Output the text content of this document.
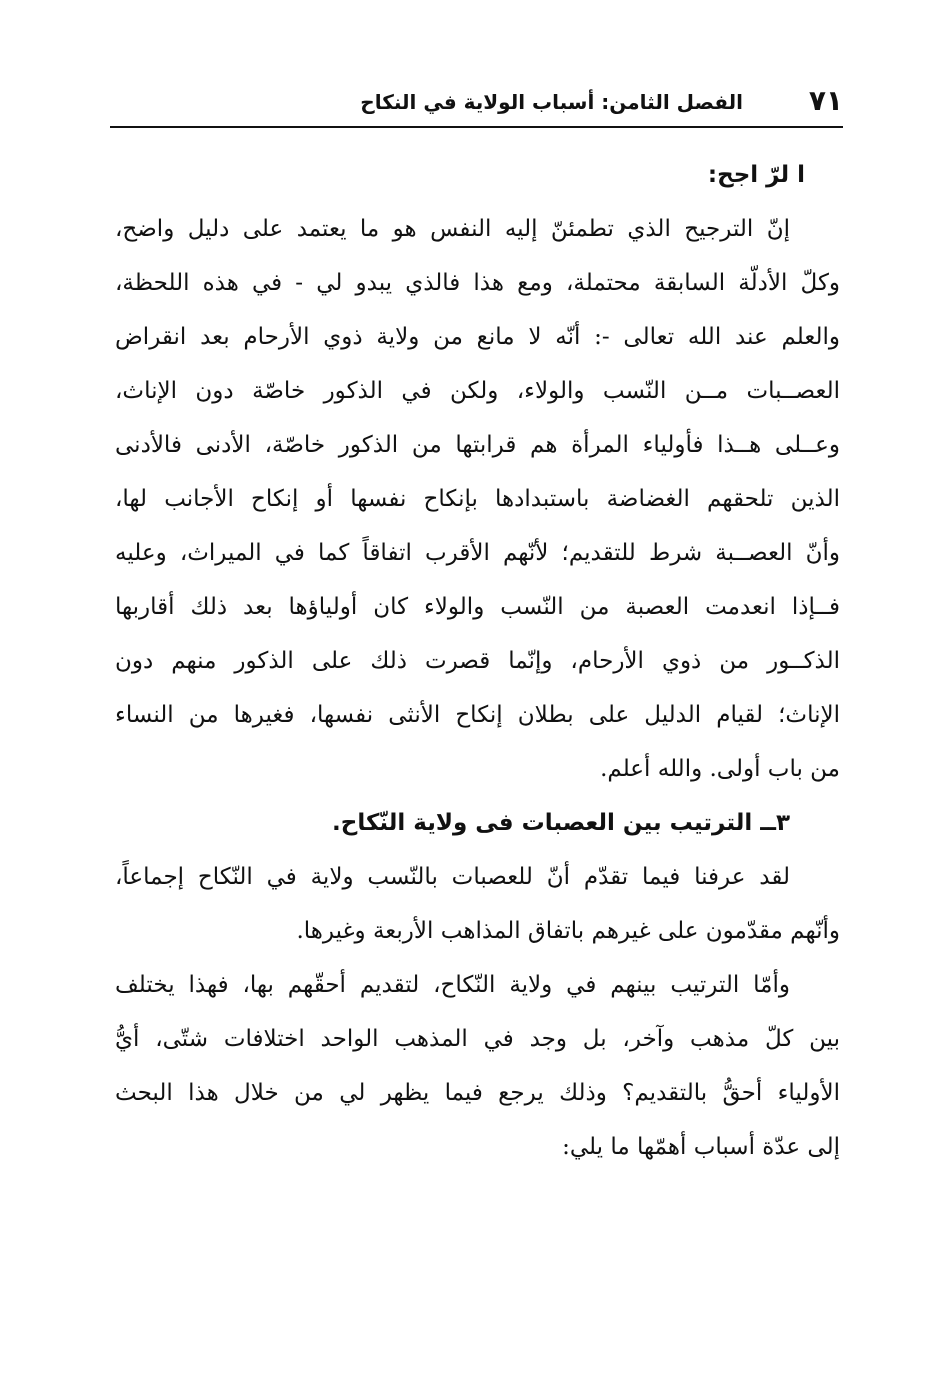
٧١
الفصل الثامن: أسباب الولاية في النكاح
ا لرّ اجح:
إنّ الترجيح الذي تطمئنّ إليه النفس هو ما يعتمد على دليل واضح،
وكلّ الأدلّة السابقة محتملة، ومع هذا فالذي يبدو لي - في هذه اللحظة،
والعلم عند الله تعالى -: أنّه لا مانع من ولاية ذوي الأرحام بعد انقراض
العصــبات مــن النّسب والولاء، ولكن في الذكور خاصّة دون الإناث،
وعــلى هــذا فأولياء المرأة هم قرابتها من الذكور خاصّة، الأدنى فالأدنى
الذين تلحقهم الغضاضة باستبدادها بإنكاح نفسها أو إنكاح الأجانب لها،
وأنّ العصــبة شرط للتقديم؛ لأنّهم الأقرب اتفاقاً كما في الميراث، وعليه
فــإذا انعدمت العصبة من النّسب والولاء كان أولياؤها بعد ذلك أقاربها
الذكــور من ذوي الأرحام، وإنّما قصرت ذلك على الذكور منهم دون
الإناث؛ لقيام الدليل على بطلان إنكاح الأنثى نفسها، فغيرها من النساء
من باب أولى. والله أعلم.
٣ــ الترتيب بين العصبات فى ولاية النّكاح.
لقد عرفنا فيما تقدّم أنّ للعصبات بالنّسب ولاية في النّكاح إجماعاً،
وأنّهم مقدّمون على غيرهم باتفاق المذاهب الأربعة وغيرها.
وأمّا الترتيب بينهم في ولاية النّكاح، لتقديم أحقّهم بها، فهذا يختلف
بين كلّ مذهب وآخر، بل وجد في المذهب الواحد اختلافات شتّى، أيُّ
الأولياء أحقُّ بالتقديم؟ وذلك يرجع فيما يظهر لي من خلال هذا البحث
إلى عدّة أسباب أهمّها ما يلي:
